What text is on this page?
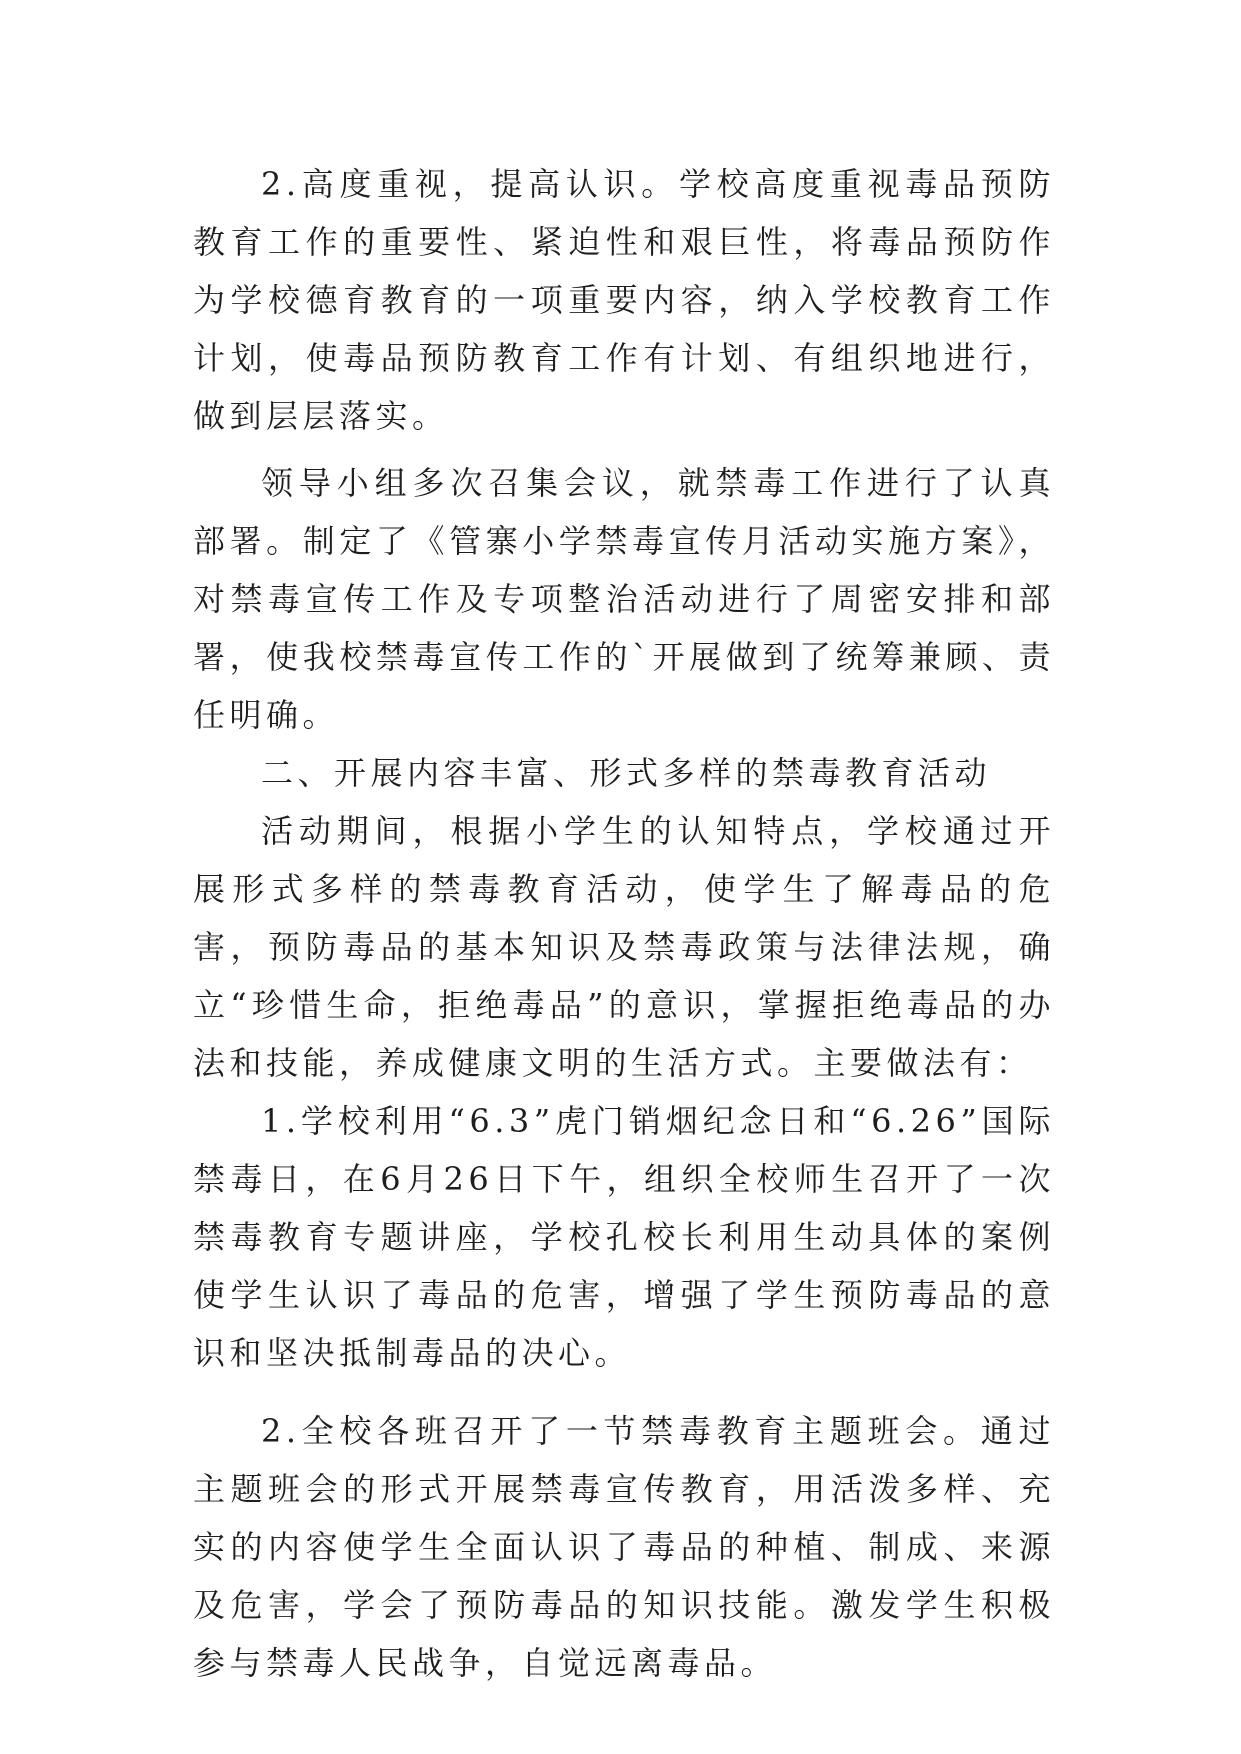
2.高度重视，提高认识。学校高度重视毒品预防教育工作的重要性、紧迫性和艰巨性，将毒品预防作为学校德育教育的一项重要内容，纳入学校教育工作计划，使毒品预防教育工作有计划、有组织地进行，做到层层落实。

领导小组多次召集会议，就禁毒工作进行了认真部署。制定了《管寨小学禁毒宣传月活动实施方案》，对禁毒宣传工作及专项整治活动进行了周密安排和部署，使我校禁毒宣传工作的`开展做到了统筹兼顾、责任明确。

二、开展内容丰富、形式多样的禁毒教育活动

活动期间，根据小学生的认知特点，学校通过开展形式多样的禁毒教育活动，使学生了解毒品的危害，预防毒品的基本知识及禁毒政策与法律法规，确立“珍惜生命，拒绝毒品”的意识，掌握拒绝毒品的办法和技能，养成健康文明的生活方式。主要做法有：

1.学校利用“6.3”虎门销烟纪念日和“6.26”国际禁毒日，在6月26日下午，组织全校师生召开了一次禁毒教育专题讲座，学校孔校长利用生动具体的案例使学生认识了毒品的危害，增强了学生预防毒品的意识和坚决抵制毒品的决心。

2.全校各班召开了一节禁毒教育主题班会。通过主题班会的形式开展禁毒宣传教育，用活泼多样、充实的内容使学生全面认识了毒品的种植、制成、来源及危害，学会了预防毒品的知识技能。激发学生积极参与禁毒人民战争，自觉远离毒品。
